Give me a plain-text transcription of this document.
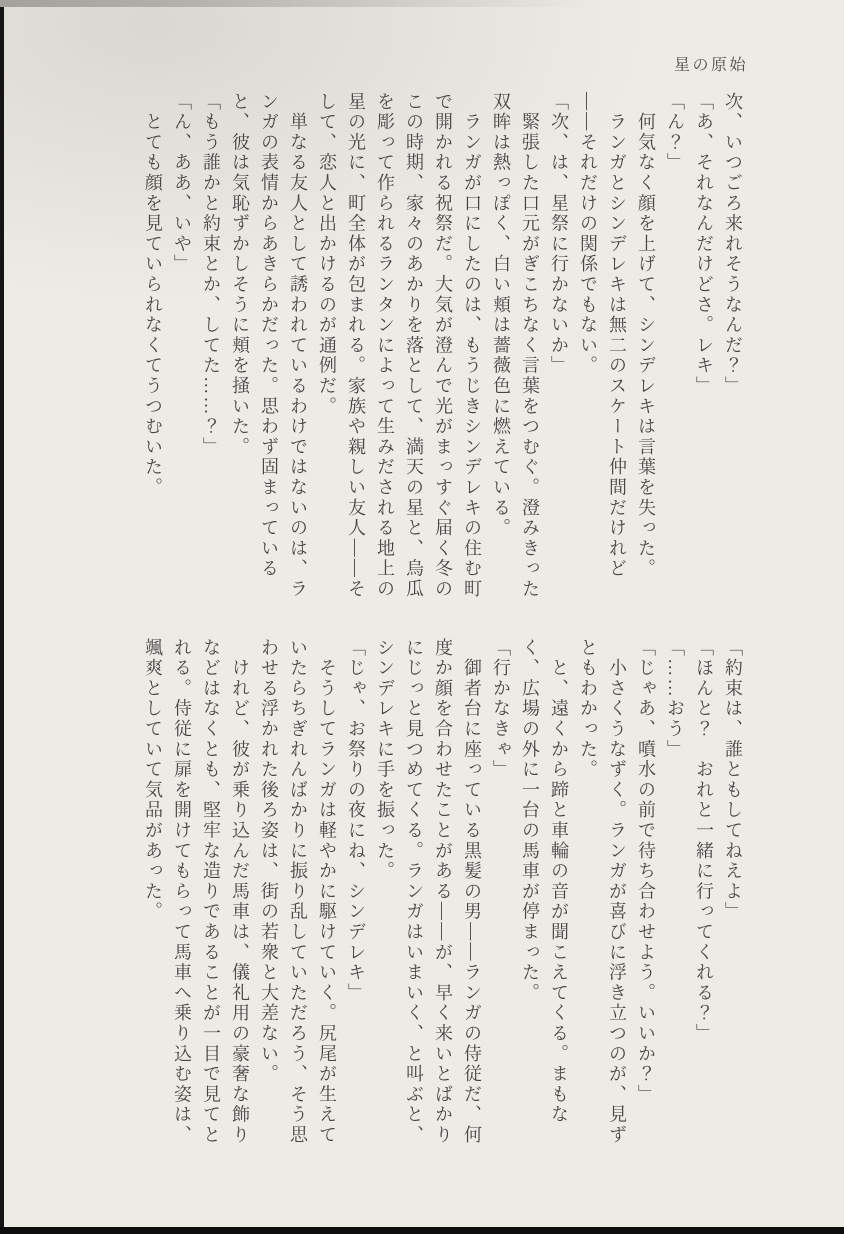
星の原始

次、いつごろ来れそうなんだ？」

「あ、それなんだけどさ。レキ」

「ん？」

　何気なく顔を上げて、シンデレキは言葉を失った。

　ランガとシンデレキは無二のスケート仲間だけれど——それだけの関係でもない。

「次、は、星祭に行かないか」

　緊張した口元がぎこちなく言葉をつむぐ。澄みきった双眸は熱っぽく、白い頬は薔薇色に燃えている。

　ランガが口にしたのは、もうじきシンデレキの住む町で開かれる祝祭だ。大気が澄んで光がまっすぐ届く冬のこの時期、家々のあかりを落として、満天の星と、烏瓜を彫って作られるランタンによって生みだされる地上の星の光に、町全体が包まれる。家族や親しい友人——そして、恋人と出かけるのが通例だ。

　単なる友人として誘われているわけではないのは、ランガの表情からあきらかだった。思わず固まっていると、彼は気恥ずかしそうに頬を掻いた。

「もう誰かと約束とか、してた……？」

「ん、ああ、いや」

　とても顔を見ていられなくてうつむいた。

「約束は、誰ともしてねえよ」

「ほんと？　おれと一緒に行ってくれる？」

「……おう」

「じゃあ、噴水の前で待ち合わせよう。いいか？」

　小さくうなずく。ランガが喜びに浮き立つのが、見ずともわかった。

　と、遠くから蹄と車輪の音が聞こえてくる。まもなく、広場の外に一台の馬車が停まった。

「行かなきゃ」

　御者台に座っている黒髪の男——ランガの侍従だ、何度か顔を合わせたことがある——が、早く来いとばかりにじっと見つめてくる。ランガはいまいく、と叫ぶと、シンデレキに手を振った。

「じゃ、お祭りの夜にね、シンデレキ」

　そうしてランガは軽やかに駆けていく。尻尾が生えていたらちぎれんばかりに振り乱していただろう、そう思わせる浮かれた後ろ姿は、街の若衆と大差ない。

　けれど、彼が乗り込んだ馬車は、儀礼用の豪奢な飾りなどはなくとも、堅牢な造りであることが一目で見てとれる。侍従に扉を開けてもらって馬車へ乗り込む姿は、颯爽としていて気品があった。
